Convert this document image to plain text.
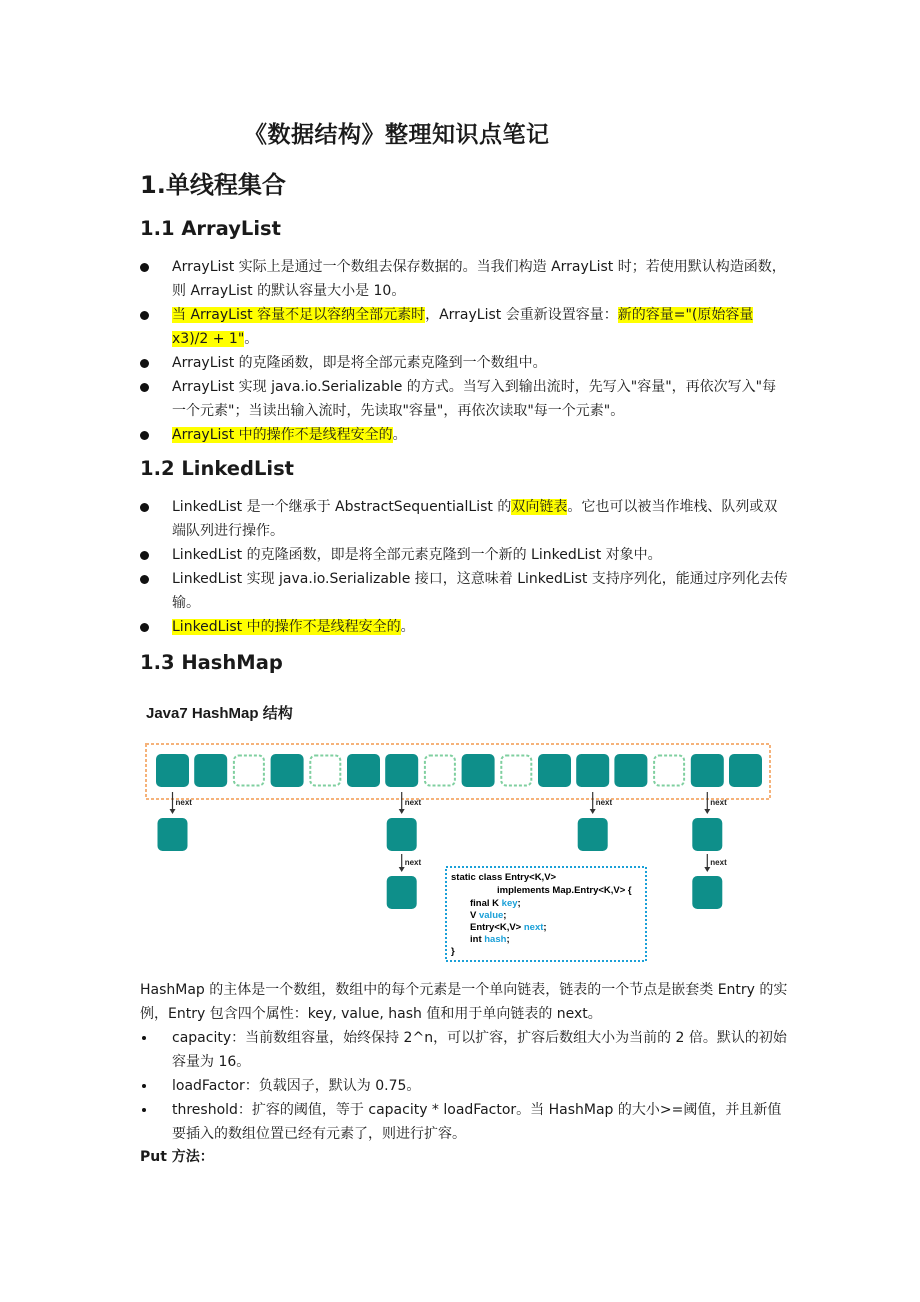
《数据结构》整理知识点笔记
1.单线程集合
1.1 ArrayList
ArrayList 实际上是通过一个数组去保存数据的。当我们构造 ArrayList 时；若使用默认构造函数，则 ArrayList 的默认容量大小是 10。
当 ArrayList 容量不足以容纳全部元素时，ArrayList 会重新设置容量：新的容量="(原始容量 x3)/2 + 1"。
ArrayList 的克隆函数，即是将全部元素克隆到一个数组中。
ArrayList 实现 java.io.Serializable 的方式。当写入到输出流时，先写入"容量"，再依次写入"每一个元素"；当读出输入流时，先读取"容量"，再依次读取"每一个元素"。
ArrayList 中的操作不是线程安全的。
1.2 LinkedList
LinkedList 是一个继承于 AbstractSequentialList 的双向链表。它也可以被当作堆栈、队列或双端队列进行操作。
LinkedList 的克隆函数，即是将全部元素克隆到一个新的 LinkedList 对象中。
LinkedList 实现 java.io.Serializable 接口，这意味着 LinkedList 支持序列化，能通过序列化去传输。
LinkedList 中的操作不是线程安全的。
1.3 HashMap
Java7 HashMap 结构
next	next
next
next	next
next
static class Entry<K,V>
implements Map.Entry<K,V> {
final K key;
V value;
Entry<K,V> next;
int hash;
}

HashMap 的主体是一个数组，数组中的每个元素是一个单向链表，链表的一个节点是嵌套类 Entry 的实例，Entry 包含四个属性：key, value, hash 值和用于单向链表的 next。

capacity：当前数组容量，始终保持 2^n，可以扩容，扩容后数组大小为当前的 2 倍。默认的初始容量为 16。
loadFactor：负载因子，默认为 0.75。
threshold：扩容的阈值，等于 capacity * loadFactor。当 HashMap 的大小>=阈值，并且新值要插入的数组位置已经有元素了，则进行扩容。
Put 方法：
